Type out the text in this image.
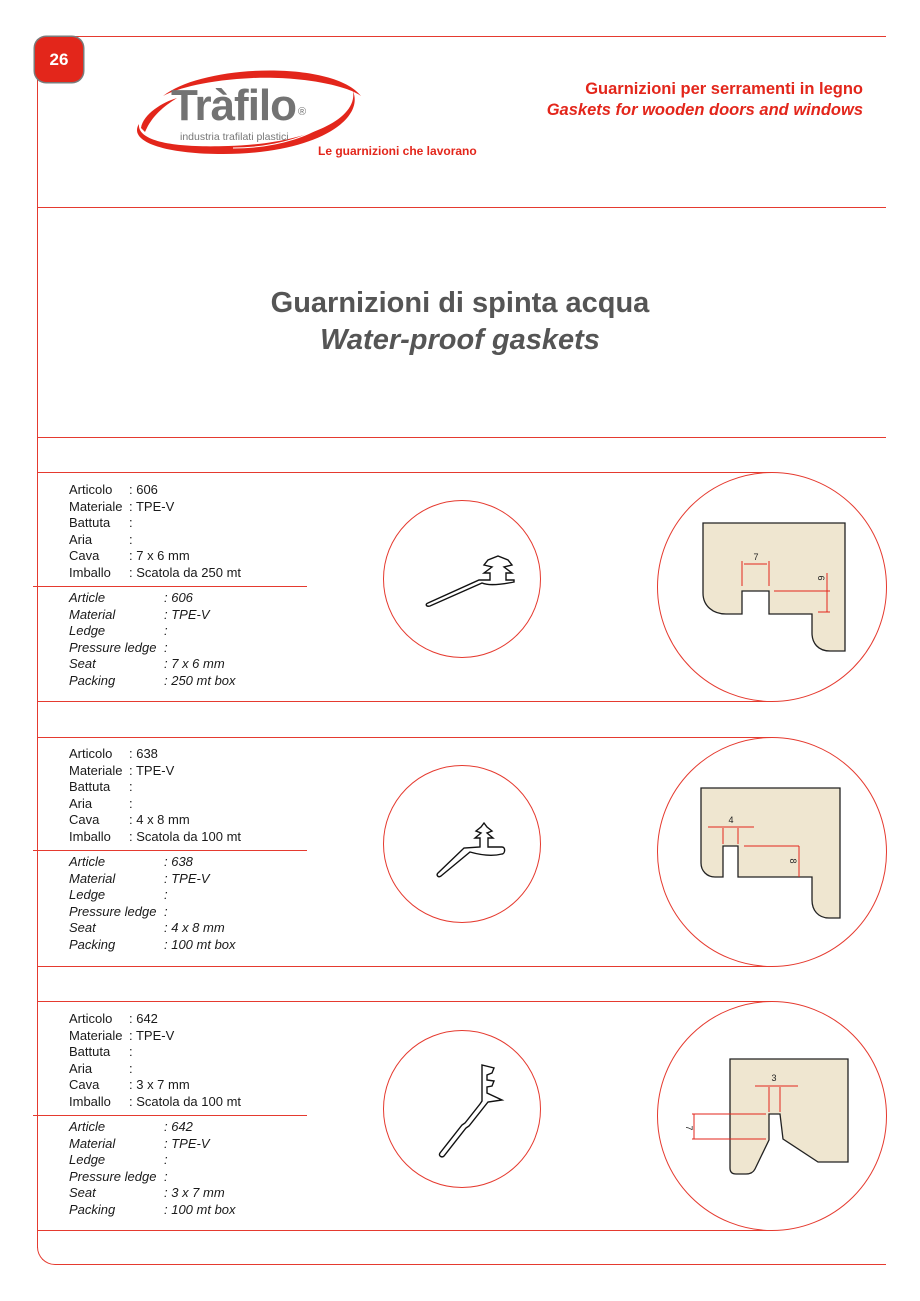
26
Tràfilo ®
industria trafilati plastici
Le guarnizioni che lavorano
Guarnizioni per serramenti in legno
Gaskets for wooden doors and windows
Guarnizioni di spinta acqua
Water-proof gaskets
Articolo	: 606
Materiale : TPE-V
Battuta	:
Aria	:
Cava	: 7 x 6 mm
Imballo	: Scatola da 250 mt
Article	: 606
Material	: TPE-V
Ledge	:
Pressure ledge :
Seat	: 7 x 6 mm
Packing	: 250 mt box
7
6
Articolo	: 638
Materiale : TPE-V
Battuta	:
Aria	:
Cava	: 4 x 8 mm
Imballo	: Scatola da 100 mt
Article	: 638
Material	: TPE-V
Ledge	:
Pressure ledge :
Seat	: 4 x 8 mm
Packing	: 100 mt box
4
8
Articolo	: 642
Materiale : TPE-V
Battuta	:
Aria	:
Cava	: 3 x 7 mm
Imballo	: Scatola da 100 mt
Article	: 642
Material	: TPE-V
Ledge	:
Pressure ledge :
Seat	: 3 x 7 mm
Packing	: 100 mt box
3
7
